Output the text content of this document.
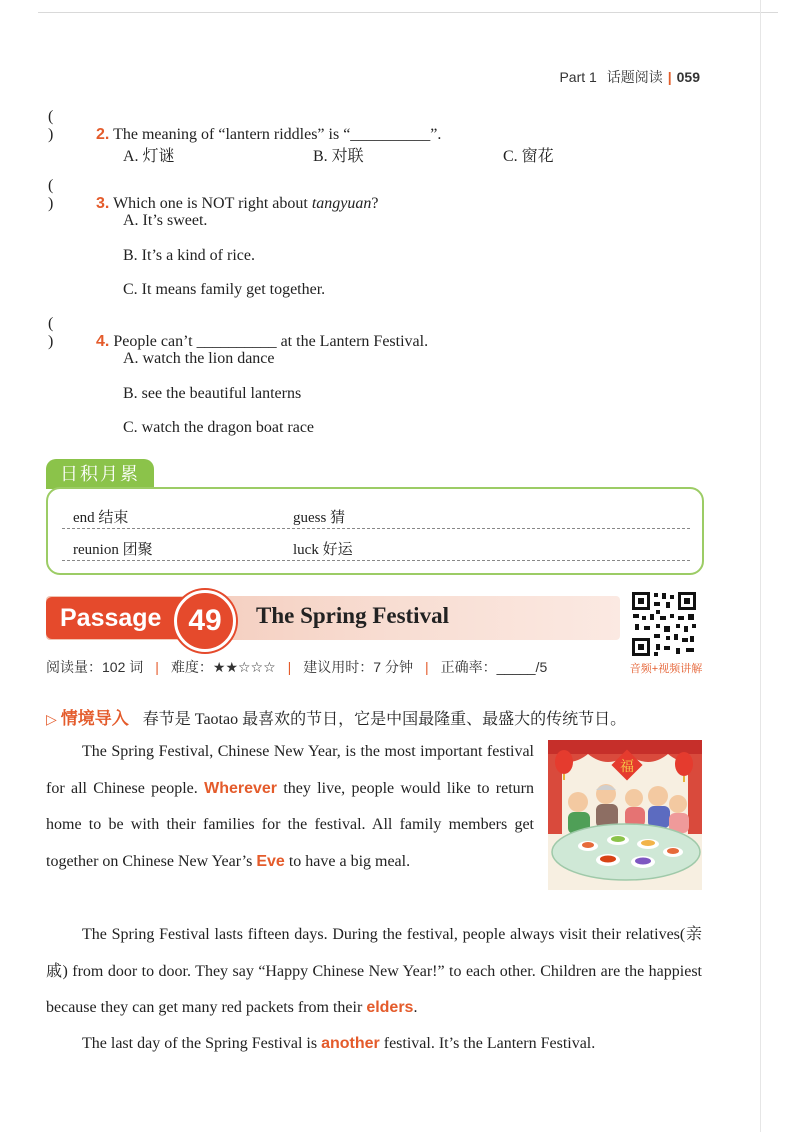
Part 1 话题阅读 | 059
()	2. The meaning of “lantern riddles” is “__________”.
A. 灯谜	B. 对联	C. 窗花
()	3. Which one is NOT right about tangyuan?
A. It’s sweet.
B. It’s a kind of rice.
C. It means family get together.
()	4. People can’t __________ at the Lantern Festival.
A. watch the lion dance
B. see the beautiful lanterns
C. watch the dragon boat race
日积月累
end 结束	guess 猜
reunion 团聚	luck 好运
Passage 49	The Spring Festival
音频+视频讲解
阅读量：102 词 | 难度：★★☆☆☆ | 建议用时：7 分钟 | 正确率：_____/5
▷ 情境导入 春节是 Taotao 最喜欢的节日，它是中国最隆重、最盛大的传统节日。
福
The Spring Festival, Chinese New Year, is the most important festival for all Chinese people. Wherever they live, people would like to return home to be with their families for the festival. All family members get together on Chinese New Year’s Eve to have a big meal.
The Spring Festival lasts fifteen days. During the festival, people always visit their relatives(亲戚) from door to door. They say “Happy Chinese New Year!” to each other. Children are the happiest because they can get many red packets from their elders.
The last day of the Spring Festival is another festival. It’s the Lantern Festival.
